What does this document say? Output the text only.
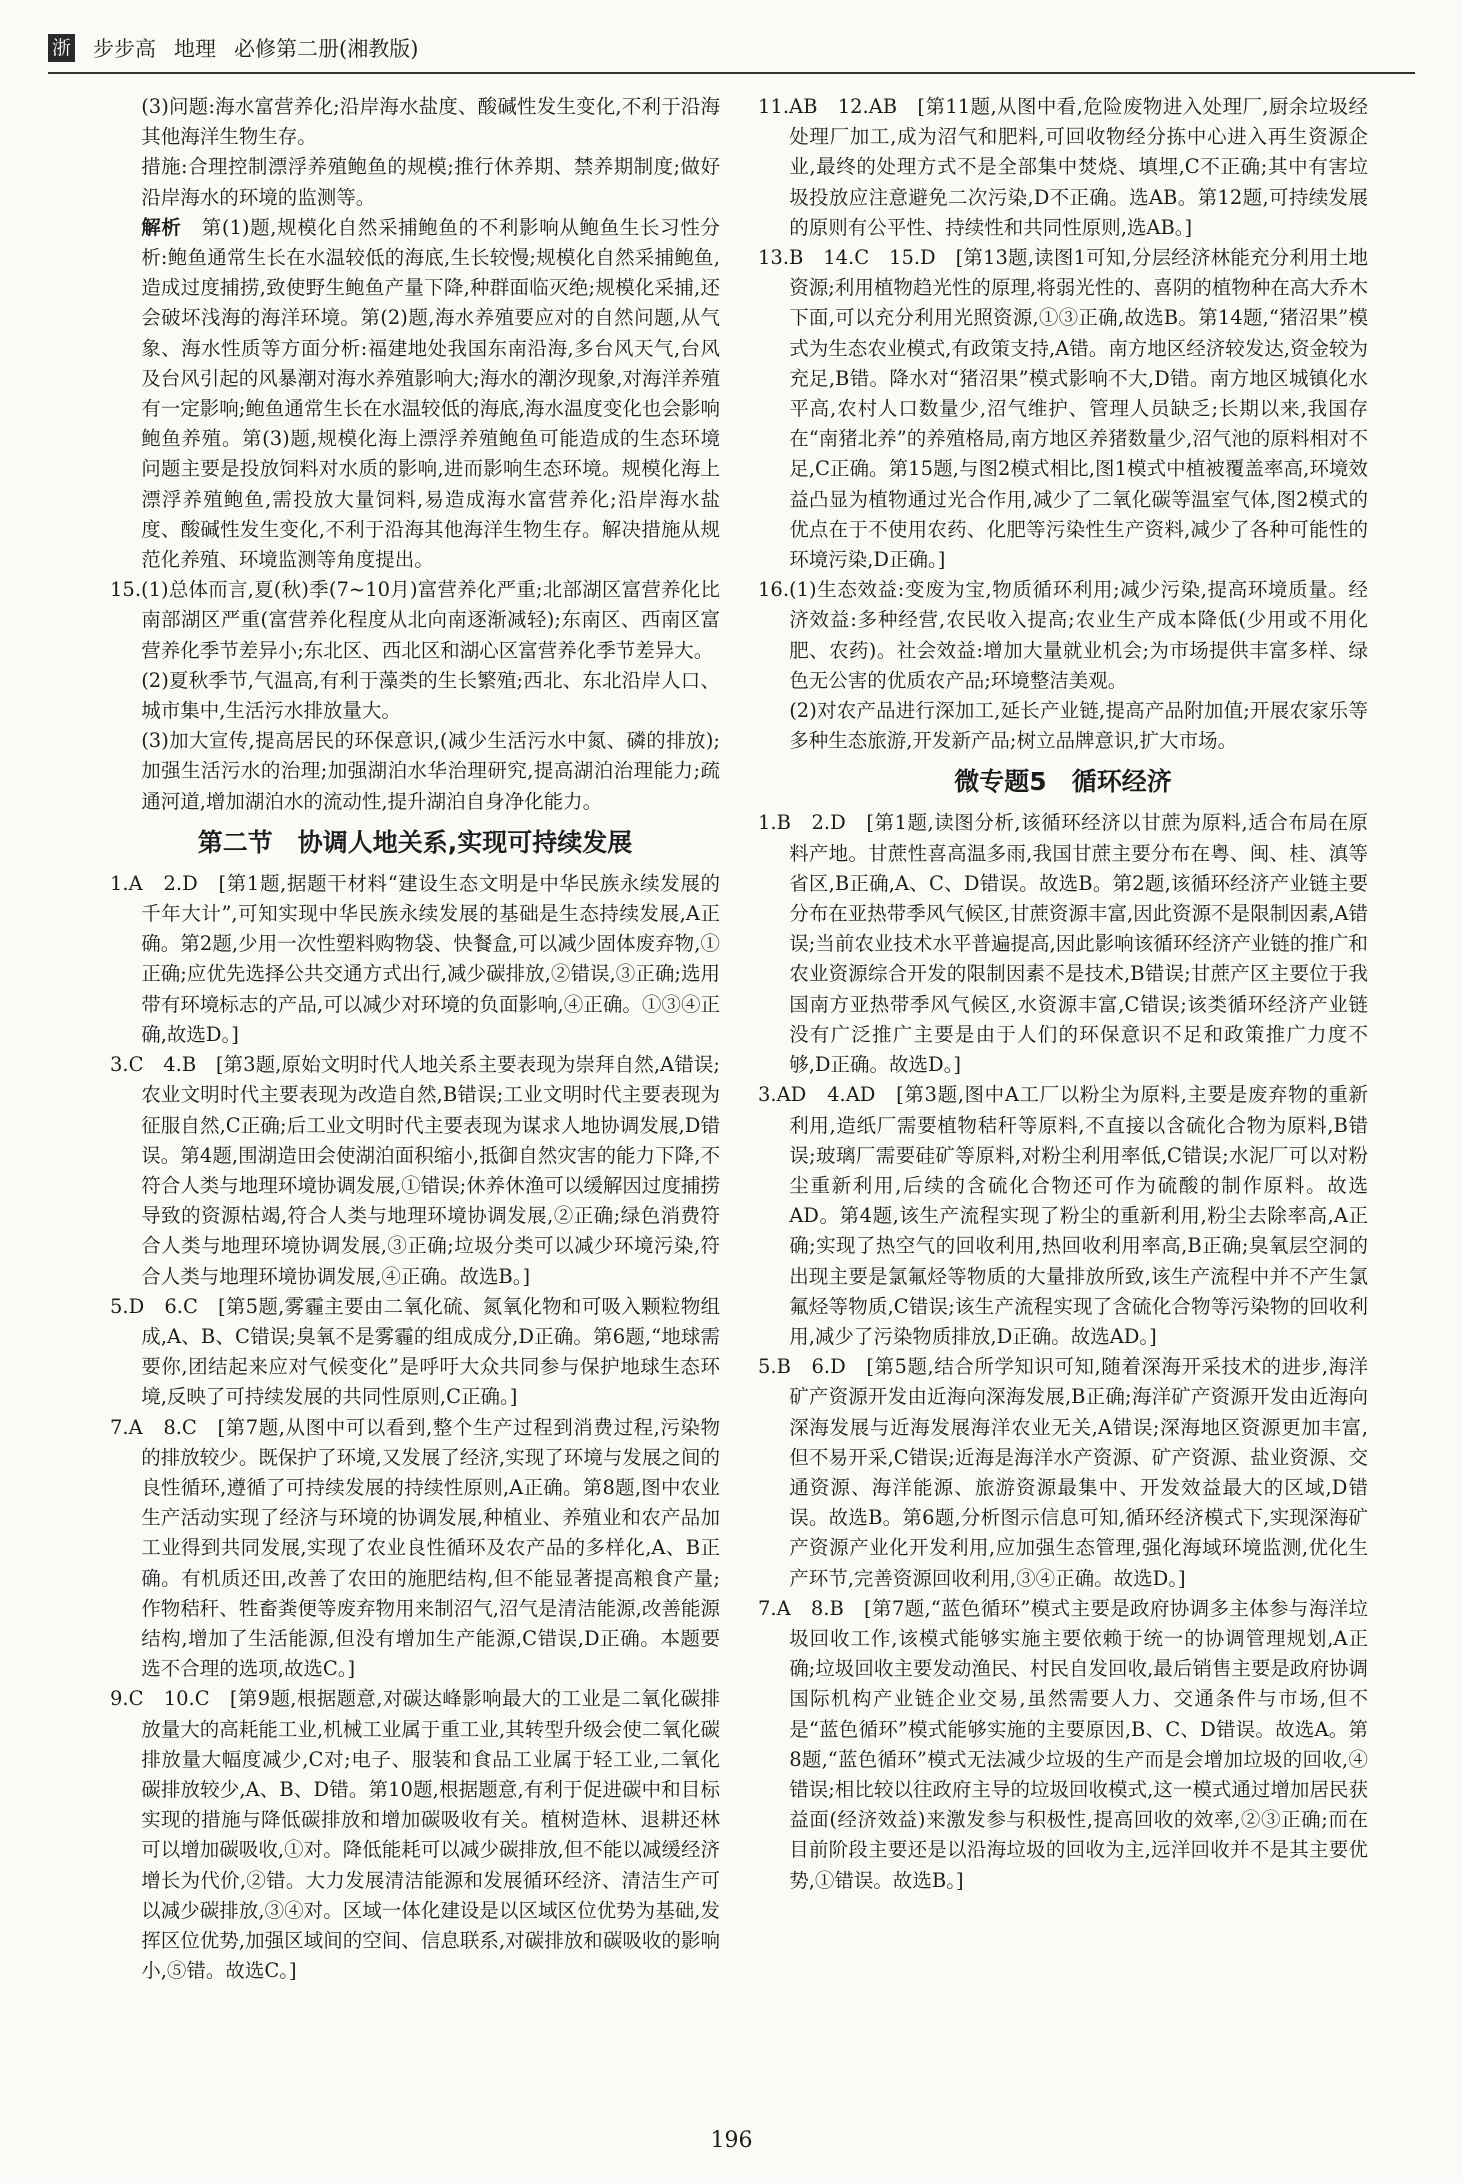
浙 步步高 地理 必修第二册(湘教版)

(3)问题:海水富营养化;沿岸海水盐度、酸碱性发生变化,不利于沿海其他海洋生物生存。

措施:合理控制漂浮养殖鲍鱼的规模;推行休养期、禁养期制度;做好沿岸海水的环境的监测等。

解析　 第(1)题,规模化自然采捕鲍鱼的不利影响从鲍鱼生长习性分析:鲍鱼通常生长在水温较低的海底,生长较慢;规模化自然采捕鲍鱼,造成过度捕捞,致使野生鲍鱼产量下降,种群面临灭绝;规模化采捕,还会破坏浅海的海洋环境。第(2)题,海水养殖要应对的自然问题,从气象、海水性质等方面分析:福建地处我国东南沿海,多台风天气,台风及台风引起的风暴潮对海水养殖影响大;海水的潮汐现象,对海洋养殖有一定影响;鲍鱼通常生长在水温较低的海底,海水温度变化也会影响鲍鱼养殖。第(3)题,规模化海上漂浮养殖鲍鱼可能造成的生态环境问题主要是投放饲料对水质的影响,进而影响生态环境。规模化海上漂浮养殖鲍鱼,需投放大量饲料,易造成海水富营养化;沿岸海水盐度、酸碱性发生变化,不利于沿海其他海洋生物生存。解决措施从规范化养殖、环境监测等角度提出。

15.(1)总体而言,夏(秋)季(7~10月)富营养化严重;北部湖区富营养化比南部湖区严重(富营养化程度从北向南逐渐减轻);东南区、西南区富营养化季节差异小;东北区、西北区和湖心区富营养化季节差异大。

(2)夏秋季节,气温高,有利于藻类的生长繁殖;西北、东北沿岸人口、城市集中,生活污水排放量大。

(3)加大宣传,提高居民的环保意识,(减少生活污水中氮、磷的排放);加强生活污水的治理;加强湖泊水华治理研究,提高湖泊治理能力;疏通河道,增加湖泊水的流动性,提升湖泊自身净化能力。

第二节　协调人地关系,实现可持续发展

1.A　2.D　[第1题,据题干材料“建设生态文明是中华民族永续发展的千年大计”,可知实现中华民族永续发展的基础是生态持续发展,A正确。第2题,少用一次性塑料购物袋、快餐盒,可以减少固体废弃物,①正确;应优先选择公共交通方式出行,减少碳排放,②错误,③正确;选用带有环境标志的产品,可以减少对环境的负面影响,④正确。①③④正确,故选D。]

3.C　4.B　[第3题,原始文明时代人地关系主要表现为崇拜自然,A错误;农业文明时代主要表现为改造自然,B错误;工业文明时代主要表现为征服自然,C正确;后工业文明时代主要表现为谋求人地协调发展,D错误。第4题,围湖造田会使湖泊面积缩小,抵御自然灾害的能力下降,不符合人类与地理环境协调发展,①错误;休养休渔可以缓解因过度捕捞导致的资源枯竭,符合人类与地理环境协调发展,②正确;绿色消费符合人类与地理环境协调发展,③正确;垃圾分类可以减少环境污染,符合人类与地理环境协调发展,④正确。故选B。]

5.D　6.C　[第5题,雾霾主要由二氧化硫、氮氧化物和可吸入颗粒物组成,A、B、C错误;臭氧不是雾霾的组成成分,D正确。第6题,“地球需要你,团结起来应对气候变化”是呼吁大众共同参与保护地球生态环境,反映了可持续发展的共同性原则,C正确。]

7.A　8.C　[第7题,从图中可以看到,整个生产过程到消费过程,污染物的排放较少。既保护了环境,又发展了经济,实现了环境与发展之间的良性循环,遵循了可持续发展的持续性原则,A正确。第8题,图中农业生产活动实现了经济与环境的协调发展,种植业、养殖业和农产品加工业得到共同发展,实现了农业良性循环及农产品的多样化,A、B正确。有机质还田,改善了农田的施肥结构,但不能显著提高粮食产量;作物秸秆、牲畜粪便等废弃物用来制沼气,沼气是清洁能源,改善能源结构,增加了生活能源,但没有增加生产能源,C错误,D正确。本题要选不合理的选项,故选C。]

9.C　10.C　[第9题,根据题意,对碳达峰影响最大的工业是二氧化碳排放量大的高耗能工业,机械工业属于重工业,其转型升级会使二氧化碳排放量大幅度减少,C对;电子、服装和食品工业属于轻工业,二氧化碳排放较少,A、B、D错。第10题,根据题意,有利于促进碳中和目标实现的措施与降低碳排放和增加碳吸收有关。植树造林、退耕还林可以增加碳吸收,①对。降低能耗可以减少碳排放,但不能以减缓经济增长为代价,②错。大力发展清洁能源和发展循环经济、清洁生产可以减少碳排放,③④对。区域一体化建设是以区域区位优势为基础,发挥区位优势,加强区域间的空间、信息联系,对碳排放和碳吸收的影响小,⑤错。故选C。]

11.AB　12.AB　[第11题,从图中看,危险废物进入处理厂,厨余垃圾经处理厂加工,成为沼气和肥料,可回收物经分拣中心进入再生资源企业,最终的处理方式不是全部集中焚烧、填埋,C不正确;其中有害垃圾投放应注意避免二次污染,D不正确。选AB。第12题,可持续发展的原则有公平性、持续性和共同性原则,选AB。]

13.B　14.C　15.D　[第13题,读图1可知,分层经济林能充分利用土地资源;利用植物趋光性的原理,将弱光性的、喜阴的植物种在高大乔木下面,可以充分利用光照资源,①③正确,故选B。第14题,“猪沼果”模式为生态农业模式,有政策支持,A错。南方地区经济较发达,资金较为充足,B错。降水对“猪沼果”模式影响不大,D错。南方地区城镇化水平高,农村人口数量少,沼气维护、管理人员缺乏;长期以来,我国存在“南猪北养”的养殖格局,南方地区养猪数量少,沼气池的原料相对不足,C正确。第15题,与图2模式相比,图1模式中植被覆盖率高,环境效益凸显为植物通过光合作用,减少了二氧化碳等温室气体,图2模式的优点在于不使用农药、化肥等污染性生产资料,减少了各种可能性的环境污染,D正确。]

16.(1)生态效益:变废为宝,物质循环利用;减少污染,提高环境质量。经济效益:多种经营,农民收入提高;农业生产成本降低(少用或不用化肥、农药)。社会效益:增加大量就业机会;为市场提供丰富多样、绿色无公害的优质农产品;环境整洁美观。

(2)对农产品进行深加工,延长产业链,提高产品附加值;开展农家乐等多种生态旅游,开发新产品;树立品牌意识,扩大市场。

微专题5　循环经济

1.B　2.D　[第1题,读图分析,该循环经济以甘蔗为原料,适合布局在原料产地。甘蔗性喜高温多雨,我国甘蔗主要分布在粤、闽、桂、滇等省区,B正确,A、C、D错误。故选B。第2题,该循环经济产业链主要分布在亚热带季风气候区,甘蔗资源丰富,因此资源不是限制因素,A错误;当前农业技术水平普遍提高,因此影响该循环经济产业链的推广和农业资源综合开发的限制因素不是技术,B错误;甘蔗产区主要位于我国南方亚热带季风气候区,水资源丰富,C错误;该类循环经济产业链没有广泛推广主要是由于人们的环保意识不足和政策推广力度不够,D正确。故选D。]

3.AD　4.AD　[第3题,图中A工厂以粉尘为原料,主要是废弃物的重新利用,造纸厂需要植物秸秆等原料,不直接以含硫化合物为原料,B错误;玻璃厂需要硅矿等原料,对粉尘利用率低,C错误;水泥厂可以对粉尘重新利用,后续的含硫化合物还可作为硫酸的制作原料。故选AD。第4题,该生产流程实现了粉尘的重新利用,粉尘去除率高,A正确;实现了热空气的回收利用,热回收利用率高,B正确;臭氧层空洞的出现主要是氯氟烃等物质的大量排放所致,该生产流程中并不产生氯氟烃等物质,C错误;该生产流程实现了含硫化合物等污染物的回收利用,减少了污染物质排放,D正确。故选AD。]

5.B　6.D　[第5题,结合所学知识可知,随着深海开采技术的进步,海洋矿产资源开发由近海向深海发展,B正确;海洋矿产资源开发由近海向深海发展与近海发展海洋农业无关,A错误;深海地区资源更加丰富,但不易开采,C错误;近海是海洋水产资源、矿产资源、盐业资源、交通资源、海洋能源、旅游资源最集中、开发效益最大的区域,D错误。故选B。第6题,分析图示信息可知,循环经济模式下,实现深海矿产资源产业化开发利用,应加强生态管理,强化海域环境监测,优化生产环节,完善资源回收利用,③④正确。故选D。]

7.A　8.B　[第7题,“蓝色循环”模式主要是政府协调多主体参与海洋垃圾回收工作,该模式能够实施主要依赖于统一的协调管理规划,A正确;垃圾回收主要发动渔民、村民自发回收,最后销售主要是政府协调国际机构产业链企业交易,虽然需要人力、交通条件与市场,但不是“蓝色循环”模式能够实施的主要原因,B、C、D错误。故选A。第8题,“蓝色循环”模式无法减少垃圾的生产而是会增加垃圾的回收,④错误;相比较以往政府主导的垃圾回收模式,这一模式通过增加居民获益面(经济效益)来激发参与积极性,提高回收的效率,②③正确;而在目前阶段主要还是以沿海垃圾的回收为主,远洋回收并不是其主要优势,①错误。故选B。]

196
